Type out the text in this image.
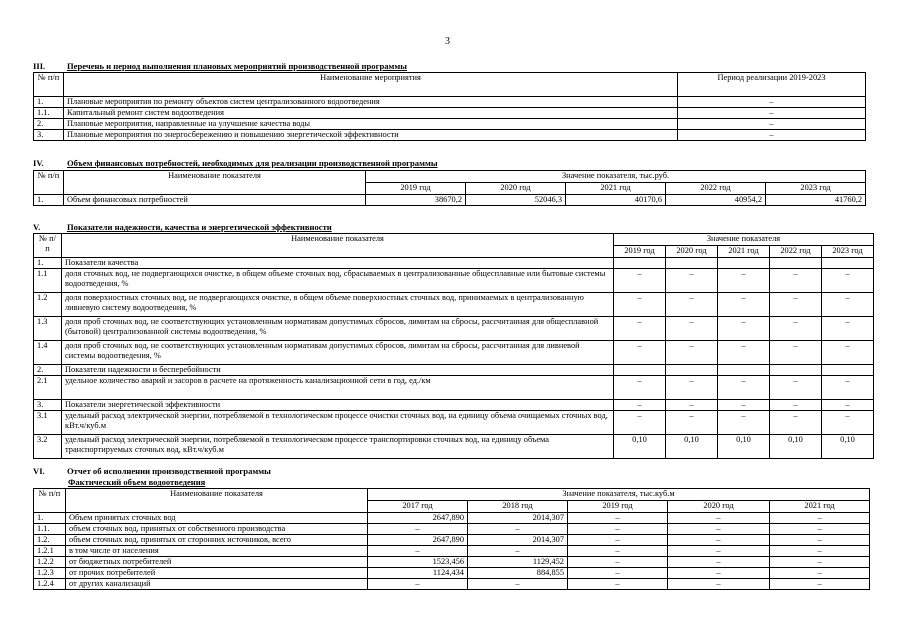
3
III.	Перечень и период выполнения плановых мероприятий производственной программы
№ п/п	Наименование мероприятия	Период реализации 2019-2023
1.	Плановые мероприятия по ремонту объектов систем централизованного водоотведения	–
1.1.	Капитальный ремонт систем водоотведения	–
2.	Плановые мероприятия, направленные на улучшение качества воды	–
3.	Плановые мероприятия по энергосбережению и повышению энергетической эффективности	–
IV.	Объем финансовых потребностей, необходимых для реализации производственной программы
№ п/п	Наименование показателя	Значение показателя, тыс.руб.				
		2019 год	2020 год	2021 год	2022 год	2023 год
1.	Объем финансовых потребностей	38670,2	52046,3	40170,6	40954,2	41760,2
V.	Показатели надежности, качества и энергетической эффективности
№ п/п	Наименование показателя	Значение показателя				
		2019 год	2020 год	2021 год	2022 год	2023 год
1.	Показатели качества					
1.1	доля сточных вод, не подвергающихся очистке, в общем объеме сточных вод, сбрасываемых в централизованные общесплавные или бытовые системы водоотведения, %	–	–	–	–	–
1.2	доля поверхностных сточных вод, не подвергающихся очистке, в общем объеме поверхностных сточных вод, принимаемых в централизованную ливневую систему водоотведения, %	–	–	–	–	–
1.3	доля проб сточных вод, не соответствующих установленным нормативам допустимых сбросов, лимитам на сбросы, рассчитанная для общесплавной (бытовой) централизованной системы водоотведения, %	–	–	–	–	–
1.4	доля проб сточных вод, не соответствующих установленным нормативам допустимых сбросов, лимитам на сбросы, рассчитанная для ливневой системы водоотведения, %	–	–	–	–	–
2.	Показатели надежности и бесперебойности					
2.1	удельное количество аварий и засоров в расчете на протяженность канализационной сети в год, ед./км	–	–	–	–	–
3.	Показатели энергетической эффективности	–	–	–	–	–
3.1	удельный расход электрической энергии, потребляемой в технологическом процессе очистки сточных вод, на единицу объема очищаемых сточных вод, кВт.ч/куб.м	–	–	–	–	–
3.2	удельный расход электрической энергии, потребляемой в технологическом процессе транспортировки сточных вод, на единицу объема транспортируемых сточных вод, кВт.ч/куб.м	0,10	0,10	0,10	0,10	0,10
VI.	Отчет об исполнении производственной программы
Фактический объем водоотведения
№ п/п	Наименование показателя	Значение показателя, тыс.куб.м				
		2017 год	2018 год	2019 год	2020 год	2021 год
1.	Объем принятых сточных вод	2647,890	2014,307	–	–	–
1.1.	объем сточных вод, принятых от собственного производства	–	–	–	–	–
1.2.	объем сточных вод, принятых от сторонних источников, всего	2647,890	2014,307	–	–	–
1.2.1	в том числе от населения	–	–	–	–	–
1.2.2	от бюджетных потребителей	1523,456	1129,452	–	–	–
1.2.3	от прочих потребителей	1124,434	884,855	–	–	–
1.2.4	от других канализаций	–	–	–	–	–
